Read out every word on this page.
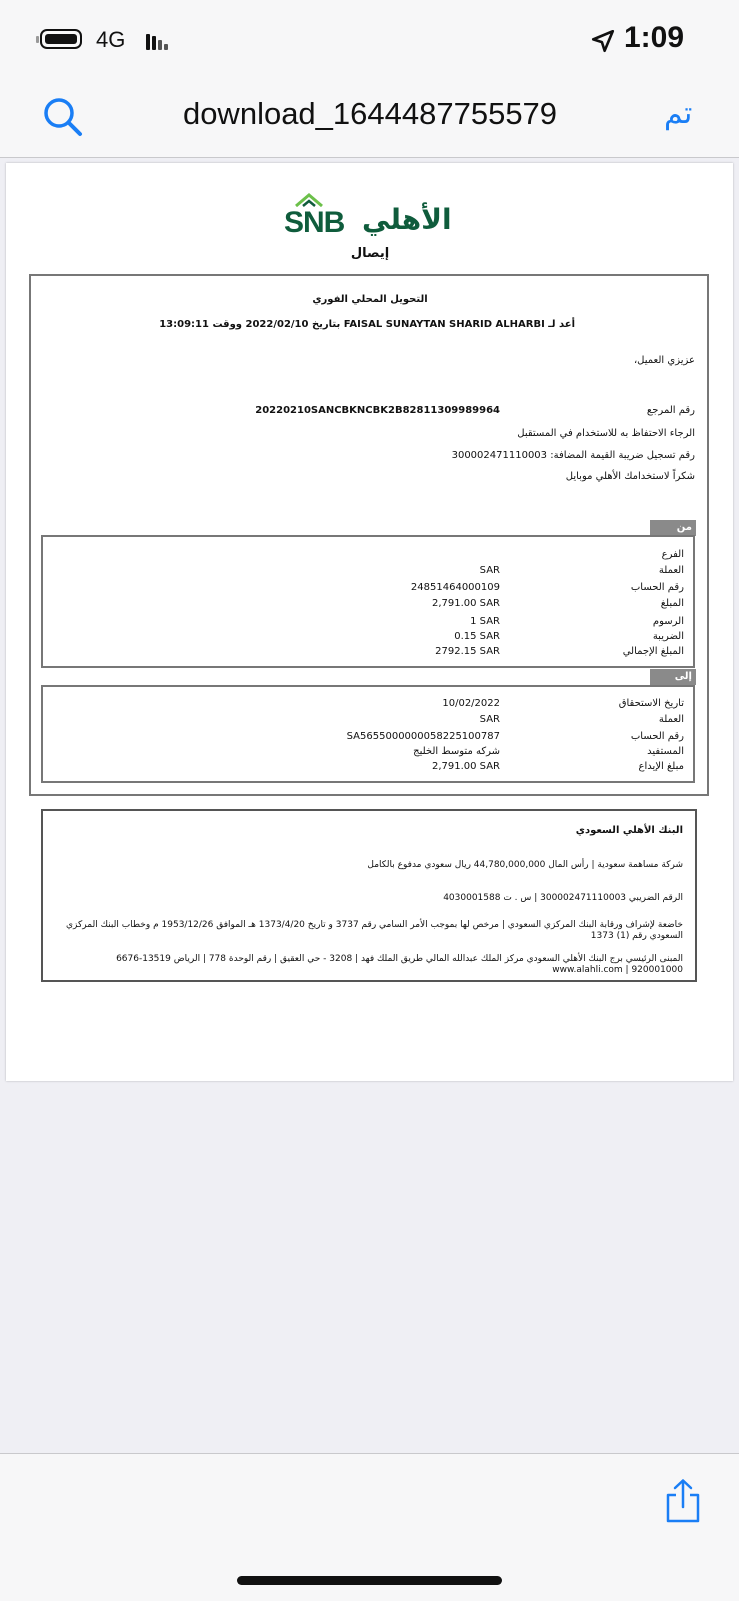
4G	1:09
download_1644487755579	تم
SNB الأهلي
إيصال
التحويل المحلي الفوري
أعد لـ FAISAL SUNAYTAN SHARID ALHARBI بتاريخ 2022/02/10 ووقت 13:09:11
عزيزي العميل،
رقم المرجع
20220210SANCBKNCBK2B82811309989964
الرجاء الاحتفاظ به للاستخدام في المستقبل
رقم تسجيل ضريبة القيمة المضافة: 300002471110003
شكراً لاستخدامك الأهلي موبايل
من
الفرع
العملة
SAR
رقم الحساب
24851464000109
المبلغ
2,791.00 SAR
الرسوم
1 SAR
الضريبة
0.15 SAR
المبلغ الإجمالي
2792.15 SAR
إلى
تاريخ الاستحقاق
10/02/2022
العملة
SAR
رقم الحساب
SA5655000000058225100787
المستفيد
شركه متوسط الخليج
مبلغ الإيداع
2,791.00 SAR
البنك الأهلي السعودي
شركة مساهمة سعودية | رأس المال 44,780,000,000 ريال سعودي مدفوع بالكامل
الرقم الضريبي 300002471110003 | س . ت 4030001588
خاضعة لإشراف ورقابة البنك المركزي السعودي | مرخص لها بموجب الأمر السامي رقم 3737 و تاريخ 1373/4/20 هـ الموافق 1953/12/26 م وخطاب البنك المركزي السعودي رقم (1) 1373
المبنى الرئيسي برج البنك الأهلي السعودي مركز الملك عبدالله المالي طريق الملك فهد | 3208 - حي العقيق | رقم الوحدة 778 | الرياض 13519-6676
920001000 | www.alahli.com
